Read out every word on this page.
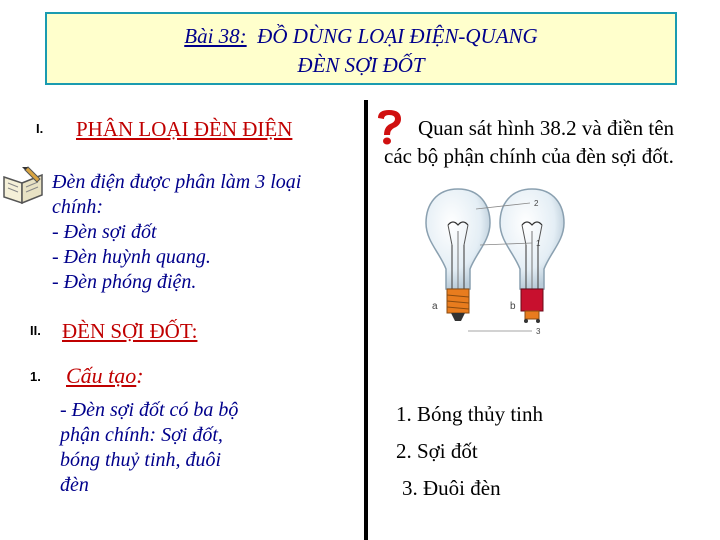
Bài 38: ĐỒ DÙNG LOẠI ĐIỆN-QUANG
ĐÈN SỢI ĐỐT
I. PHÂN LOẠI ĐÈN ĐIỆN
Đèn điện được phân làm 3 loại
chính:
- Đèn sợi đốt
- Đèn huỳnh quang.
- Đèn phóng điện.
II. ĐÈN SỢI ĐỐT:
1. Cấu tạo:
- Đèn sợi đốt có ba bộ
phận chính: Sợi đốt,
bóng thuỷ tinh, đuôi
đèn
Quan sát hình 38.2 và điền tên
các bộ phận chính của đèn sợi đốt.
a	b
2
1
3
1. Bóng thủy tinh
2. Sợi đốt
3. Đuôi đèn
